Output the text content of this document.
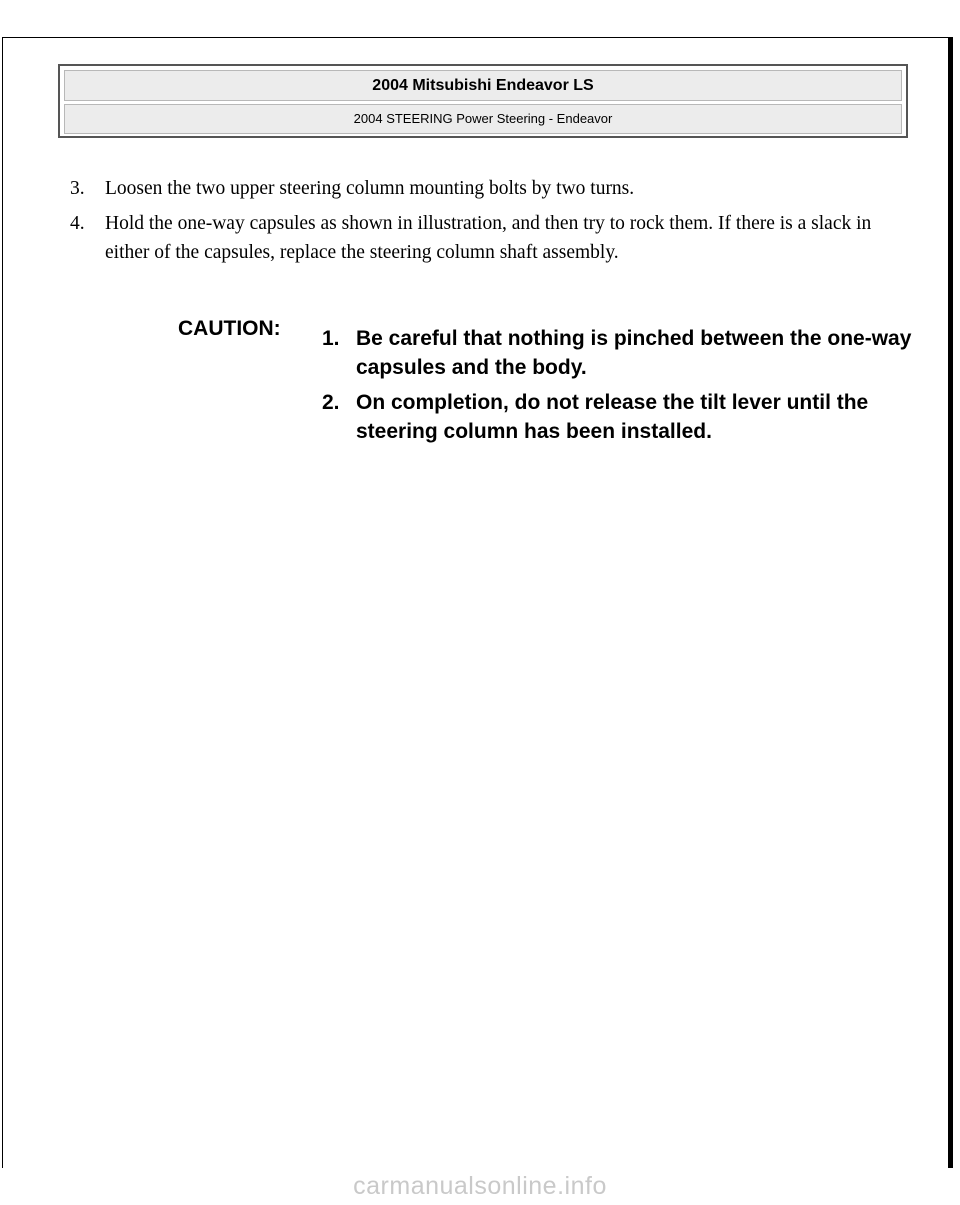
2004 Mitsubishi Endeavor LS
2004 STEERING Power Steering - Endeavor
3.	Loosen the two upper steering column mounting bolts by two turns.
4.	Hold the one-way capsules as shown in illustration, and then try to rock them. If there is a slack in either of the capsules, replace the steering column shaft assembly.
CAUTION: 1. Be careful that nothing is pinched between the one-way capsules and the body.
2. On completion, do not release the tilt lever until the steering column has been installed.
carmanualsonline.info
